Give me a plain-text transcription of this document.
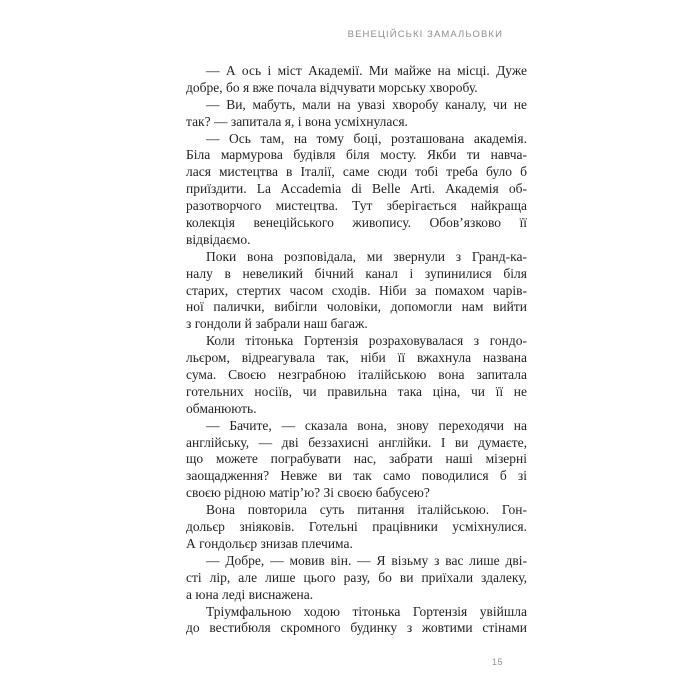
ВЕНЕЦІЙСЬКІ ЗАМАЛЬОВКИ
— А ось і міст Академії. Ми майже на місці. Дуже
добре, бо я вже почала відчувати морську хворобу.
— Ви, мабуть, мали на увазі хворобу каналу, чи не
так? — запитала я, і вона усміхнулася.
— Ось там, на тому боці, розташована академія.
Біла мармурова будівля біля мосту. Якби ти навча-
лася мистецтва в Італії, саме сюди тобі треба було б
приїздити. La Accademia di Belle Arti. Академія об-
разотворчого мистецтва. Тут зберігається найкраща
колекція венеційського живопису. Обов’язково її
відвідаємо.
Поки вона розповідала, ми звернули з Гранд-ка-
налу в невеликий бічний канал і зупинилися біля
старих, стертих часом сходів. Ніби за помахом чарів-
ної палички, вибігли чоловіки, допомогли нам вийти
з гондоли й забрали наш багаж.
Коли тітонька Гортензія розраховувалася з гондо-
льєром, відреагувала так, ніби її вжахнула названа
сума. Своєю незграбною італійською вона запитала
готельних носіїв, чи правильна така ціна, чи її не
обманюють.
— Бачите, — сказала вона, знову переходячи на
англійську, — дві беззахисні англійки. І ви думаєте,
що можете пограбувати нас, забрати наші мізерні
заощадження? Невже ви так само поводилися б зі
своєю рідною матір’ю? Зі своєю бабусею?
Вона повторила суть питання італійською. Гон-
дольєр зніяковів. Готельні працівники усміхнулися.
А гондольєр знизав плечима.
— Добре, — мовив він. — Я візьму з вас лише дві-
сті лір, але лише цього разу, бо ви приїхали здалеку,
а юна леді виснажена.
Тріумфальною ходою тітонька Гортензія увійшла
до вестибюля скромного будинку з жовтими стінами
15
